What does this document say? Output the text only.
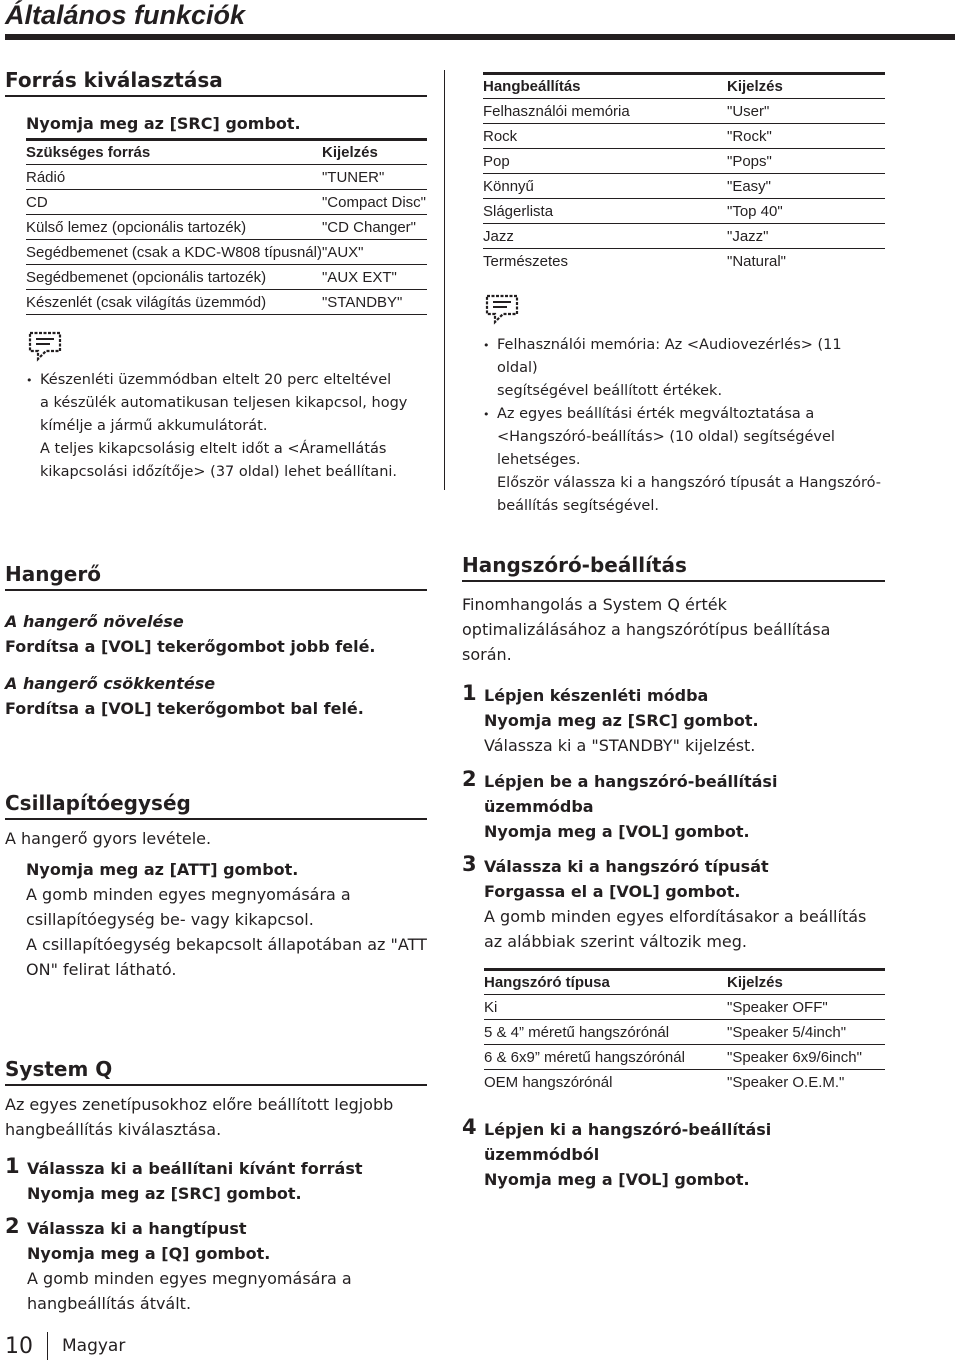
Általános funkciók
Forrás kiválasztása
Nyomja meg az [SRC] gombot.
Szükséges forrás	Kijelzés
Rádió	"TUNER"
CD	"Compact Disc"
Külső lemez (opcionális tartozék)	"CD Changer"
Segédbemenet (csak a KDC-W808 típusnál)	"AUX"
Segédbemenet (opcionális tartozék)	"AUX EXT"
Készenlét (csak világítás üzemmód)	"STANDBY"
• Készenléti üzemmódban eltelt 20 perc elteltével
a készülék automatikusan teljesen kikapcsol, hogy
kímélje a jármű akkumulátorát.
A teljes kikapcsolásig eltelt időt a <Áramellátás
kikapcsolási időzítője> (37 oldal) lehet beállítani.
Hangbeállítás	Kijelzés
Felhasználói memória	"User"
Rock	"Rock"
Pop	"Pops"
Könnyű	"Easy"
Slágerlista	"Top 40"
Jazz	"Jazz"
Természetes	"Natural"
• Felhasználói memória: Az <Audiovezérlés> (11 oldal)
segítségével beállított értékek.
• Az egyes beállítási érték megváltoztatása a
<Hangszóró-beállítás> (10 oldal) segítségével
lehetséges.
Először válassza ki a hangszóró típusát a Hangszóró-
beállítás segítségével.
Hangerő
A hangerő növelése
Fordítsa a [VOL] tekerőgombot jobb felé.
A hangerő csökkentése
Fordítsa a [VOL] tekerőgombot bal felé.
Csillapítóegység
A hangerő gyors levétele.
Nyomja meg az [ATT] gombot.
A gomb minden egyes megnyomására a
csillapítóegység be- vagy kikapcsol.
A csillapítóegység bekapcsolt állapotában az "ATT
ON" felirat látható.
System Q
Az egyes zenetípusokhoz előre beállított legjobb
hangbeállítás kiválasztása.
1 Válassza ki a beállítani kívánt forrást
Nyomja meg az [SRC] gombot.
2 Válassza ki a hangtípust
Nyomja meg a [Q] gombot.
A gomb minden egyes megnyomására a
hangbeállítás átvált.
Hangszóró-beállítás
Finomhangolás a System Q érték
optimalizálásához a hangszórótípus beállítása
során.
1 Lépjen készenléti módba
Nyomja meg az [SRC] gombot.
Válassza ki a "STANDBY" kijelzést.
2 Lépjen be a hangszóró-beállítási
üzemmódba
Nyomja meg a [VOL] gombot.
3 Válassza ki a hangszóró típusát
Forgassa el a [VOL] gombot.
A gomb minden egyes elfordításakor a beállítás
az alábbiak szerint változik meg.
Hangszóró típusa	Kijelzés
Ki	"Speaker OFF"
5 & 4” méretű hangszórónál	"Speaker 5/4inch"
6 & 6x9” méretű hangszórónál	"Speaker 6x9/6inch"
OEM hangszórónál	"Speaker O.E.M."
4 Lépjen ki a hangszóró-beállítási
üzemmódból
Nyomja meg a [VOL] gombot.
10	Magyar
